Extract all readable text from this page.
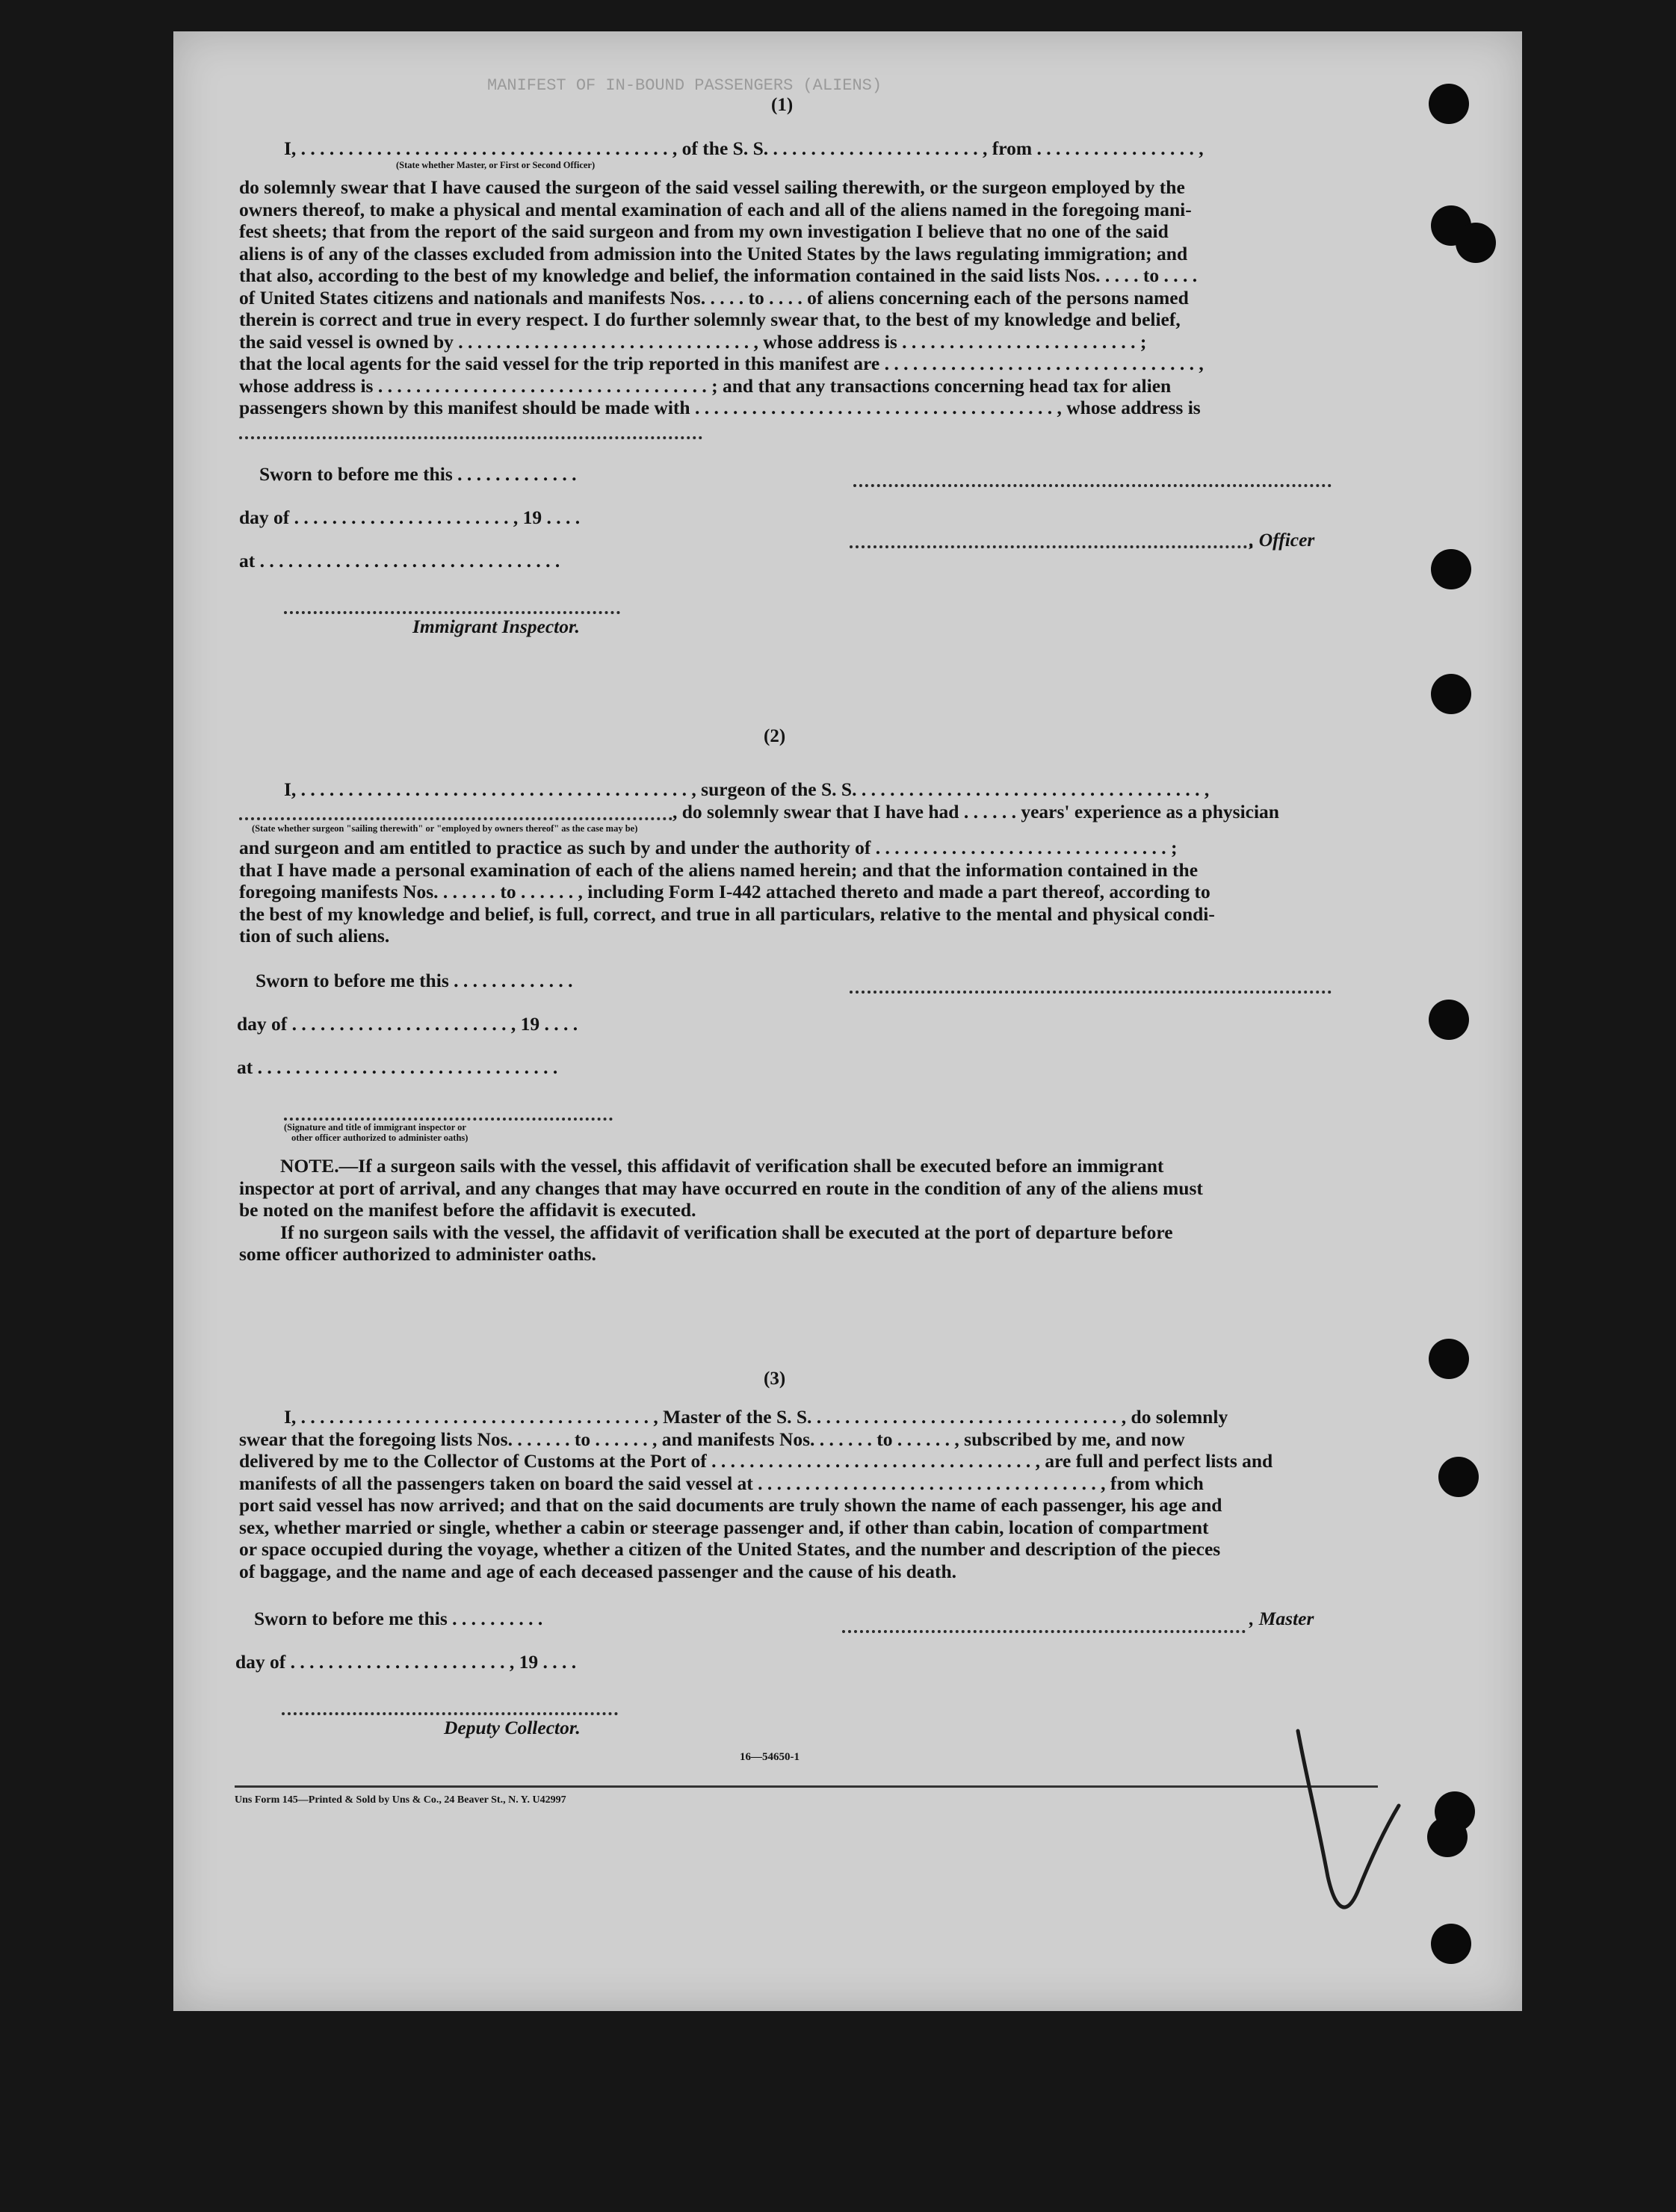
MANIFEST OF IN-BOUND PASSENGERS (ALIENS)
(1)
I, . . . . . . . . . . . . . . . . . . . . . . . . . . . . . . . . . . . . . . . , of the S. S. . . . . . . . . . . . . . . . . . . . . . . , from . . . . . . . . . . . . . . . . . ,
(State whether Master, or First or Second Officer)
do solemnly swear that I have caused the surgeon of the said vessel sailing therewith, or the surgeon employed by the
owners thereof, to make a physical and mental examination of each and all of the aliens named in the foregoing mani-
fest sheets; that from the report of the said surgeon and from my own investigation I believe that no one of the said
aliens is of any of the classes excluded from admission into the United States by the laws regulating immigration; and
that also, according to the best of my knowledge and belief, the information contained in the said lists Nos. . . . . to . . . .
of United States citizens and nationals and manifests Nos. . . . . to . . . . of aliens concerning each of the persons named
therein is correct and true in every respect. I do further solemnly swear that, to the best of my knowledge and belief,
the said vessel is owned by . . . . . . . . . . . . . . . . . . . . . . . . . . . . . . . , whose address is . . . . . . . . . . . . . . . . . . . . . . . . . ;
that the local agents for the said vessel for the trip reported in this manifest are . . . . . . . . . . . . . . . . . . . . . . . . . . . . . . . . . ,
whose address is . . . . . . . . . . . . . . . . . . . . . . . . . . . . . . . . . . . ; and that any transactions concerning head tax for alien
passengers shown by this manifest should be made with . . . . . . . . . . . . . . . . . . . . . . . . . . . . . . . . . . . . . . , whose address is
Sworn to before me this . . . . . . . . . . . . .
day of . . . . . . . . . . . . . . . . . . . . . . . , 19 . . . .
, Officer
at . . . . . . . . . . . . . . . . . . . . . . . . . . . . . . . .
Immigrant Inspector.
(2)
I, . . . . . . . . . . . . . . . . . . . . . . . . . . . . . . . . . . . . . . . . . , surgeon of the S. S. . . . . . . . . . . . . . . . . . . . . . . . . . . . . . . . . . . . . ,
, do solemnly swear that I have had . . . . . . years' experience as a physician
(State whether surgeon "sailing therewith" or "employed by owners thereof" as the case may be)
and surgeon and am entitled to practice as such by and under the authority of . . . . . . . . . . . . . . . . . . . . . . . . . . . . . . . ;
that I have made a personal examination of each of the aliens named herein; and that the information contained in the
foregoing manifests Nos. . . . . . . to . . . . . . , including Form I-442 attached thereto and made a part thereof, according to
the best of my knowledge and belief, is full, correct, and true in all particulars, relative to the mental and physical condi-
tion of such aliens.
Sworn to before me this . . . . . . . . . . . . .
day of . . . . . . . . . . . . . . . . . . . . . . . , 19 . . . .
at . . . . . . . . . . . . . . . . . . . . . . . . . . . . . . . .
(Signature and title of immigrant inspector or
other officer authorized to administer oaths)
NOTE.—If a surgeon sails with the vessel, this affidavit of verification shall be executed before an immigrant
inspector at port of arrival, and any changes that may have occurred en route in the condition of any of the aliens must
be noted on the manifest before the affidavit is executed.
If no surgeon sails with the vessel, the affidavit of verification shall be executed at the port of departure before
some officer authorized to administer oaths.
(3)
I, . . . . . . . . . . . . . . . . . . . . . . . . . . . . . . . . . . . . . , Master of the S. S. . . . . . . . . . . . . . . . . . . . . . . . . . . . . . . . . , do solemnly
swear that the foregoing lists Nos. . . . . . . to . . . . . . , and manifests Nos. . . . . . . to . . . . . . , subscribed by me, and now
delivered by me to the Collector of Customs at the Port of . . . . . . . . . . . . . . . . . . . . . . . . . . . . . . . . . . , are full and perfect lists and
manifests of all the passengers taken on board the said vessel at . . . . . . . . . . . . . . . . . . . . . . . . . . . . . . . . . . . . , from which
port said vessel has now arrived; and that on the said documents are truly shown the name of each passenger, his age and
sex, whether married or single, whether a cabin or steerage passenger and, if other than cabin, location of compartment
or space occupied during the voyage, whether a citizen of the United States, and the number and description of the pieces
of baggage, and the name and age of each deceased passenger and the cause of his death.
Sworn to before me this . . . . . . . . . .	, Master
day of . . . . . . . . . . . . . . . . . . . . . . . , 19 . . . .
Deputy Collector.
16—54650-1
Uns Form 145—Printed & Sold by Uns & Co., 24 Beaver St., N. Y. U42997
